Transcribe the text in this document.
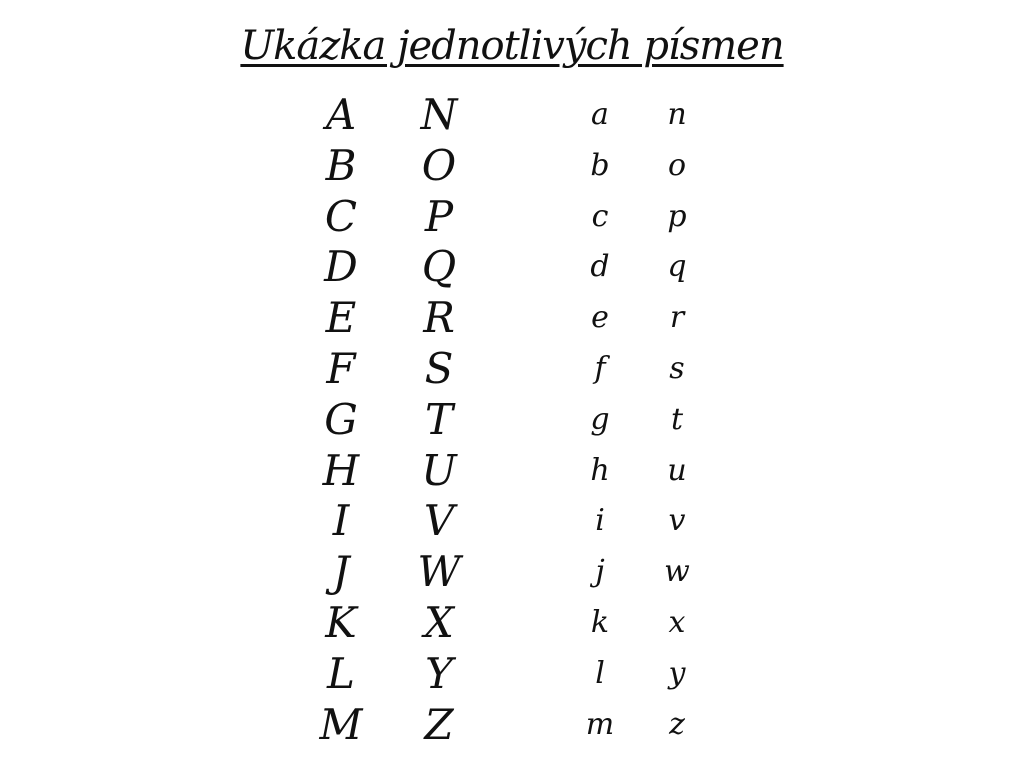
Ukázka jednotlivých písmen
A
B
C
D
E
F
G
H
I
J
K
L
M
N
O
P
Q
R
S
T
U
V
W
X
Y
Z
a
b
c
d
e
f
g
h
i
j
k
l
m
n
o
p
q
r
s
t
u
v
w
x
y
z
